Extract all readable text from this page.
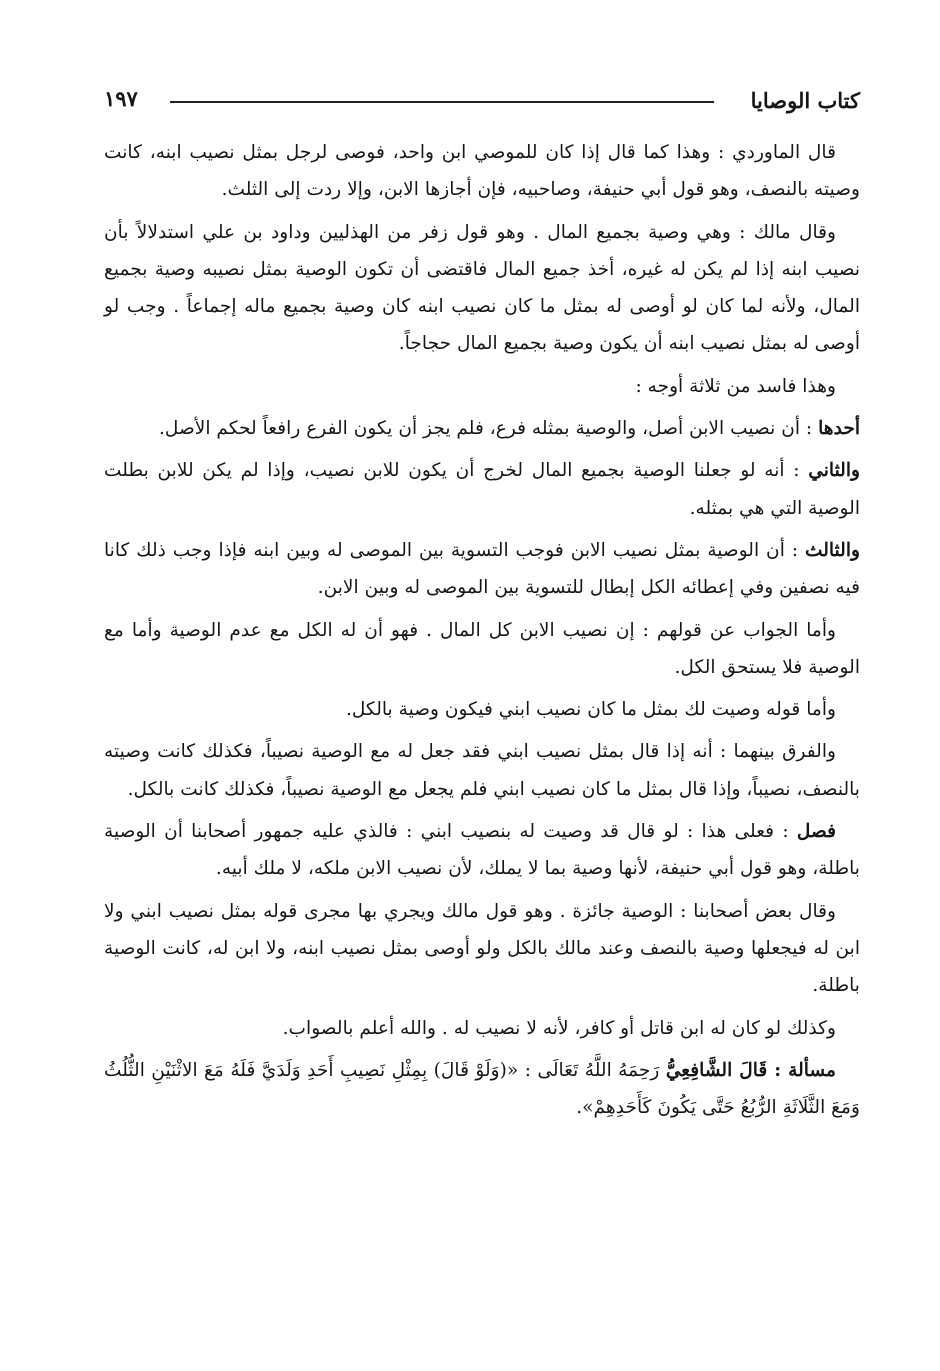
كتاب الوصايا
١٩٧

قال الماوردي : وهذا كما قال إذا كان للموصي ابن واحد، فوصى لرجل بمثل نصيب ابنه، كانت وصيته بالنصف، وهو قول أبي حنيفة، وصاحبيه، فإن أجازها الابن، وإلا ردت إلى الثلث.

وقال مالك : وهي وصية بجميع المال . وهو قول زفر من الهذليين وداود بن علي استدلالاً بأن نصيب ابنه إذا لم يكن له غيره، أخذ جميع المال فاقتضى أن تكون الوصية بمثل نصيبه وصية بجميع المال، ولأنه لما كان لو أوصى له بمثل ما كان نصيب ابنه كان وصية بجميع ماله إجماعاً . وجب لو أوصى له بمثل نصيب ابنه أن يكون وصية بجميع المال حجاجاً.

وهذا فاسد من ثلاثة أوجه :

أحدها : أن نصيب الابن أصل، والوصية بمثله فرع، فلم يجز أن يكون الفرع رافعاً لحكم الأصل.

والثاني : أنه لو جعلنا الوصية بجميع المال لخرج أن يكون للابن نصيب، وإذا لم يكن للابن بطلت الوصية التي هي بمثله.

والثالث : أن الوصية بمثل نصيب الابن فوجب التسوية بين الموصى له وبين ابنه فإذا وجب ذلك كانا فيه نصفين وفي إعطائه الكل إبطال للتسوية بين الموصى له وبين الابن.

وأما الجواب عن قولهم : إن نصيب الابن كل المال . فهو أن له الكل مع عدم الوصية وأما مع الوصية فلا يستحق الكل.

وأما قوله وصيت لك بمثل ما كان نصيب ابني فيكون وصية بالكل.

والفرق بينهما : أنه إذا قال بمثل نصيب ابني فقد جعل له مع الوصية نصيباً، فكذلك كانت وصيته بالنصف، نصيباً، وإذا قال بمثل ما كان نصيب ابني فلم يجعل مع الوصية نصيباً، فكذلك كانت بالكل.

فصل : فعلى هذا : لو قال قد وصيت له بنصيب ابني : فالذي عليه جمهور أصحابنا أن الوصية باطلة، وهو قول أبي حنيفة، لأنها وصية بما لا يملك، لأن نصيب الابن ملكه، لا ملك أبيه.

وقال بعض أصحابنا : الوصية جائزة . وهو قول مالك ويجري بها مجرى قوله بمثل نصيب ابني ولا ابن له فيجعلها وصية بالنصف وعند مالك بالكل ولو أوصى بمثل نصيب ابنه، ولا ابن له، كانت الوصية باطلة.

وكذلك لو كان له ابن قاتل أو كافر، لأنه لا نصيب له . والله أعلم بالصواب.

مسألة : قَالَ الشَّافِعِيُّ رَحِمَهُ اللَّهُ تَعَالَى : «(وَلَوْ قَالَ) بِمِثْلِ نَصِيبِ أَحَدِ وَلَدَيَّ فَلَهُ مَعَ الاثْنَيْنِ الثُّلُثُ وَمَعَ الثَّلَاثَةِ الرُّبُعُ حَتَّى يَكُونَ كَأَحَدِهِمْ».
